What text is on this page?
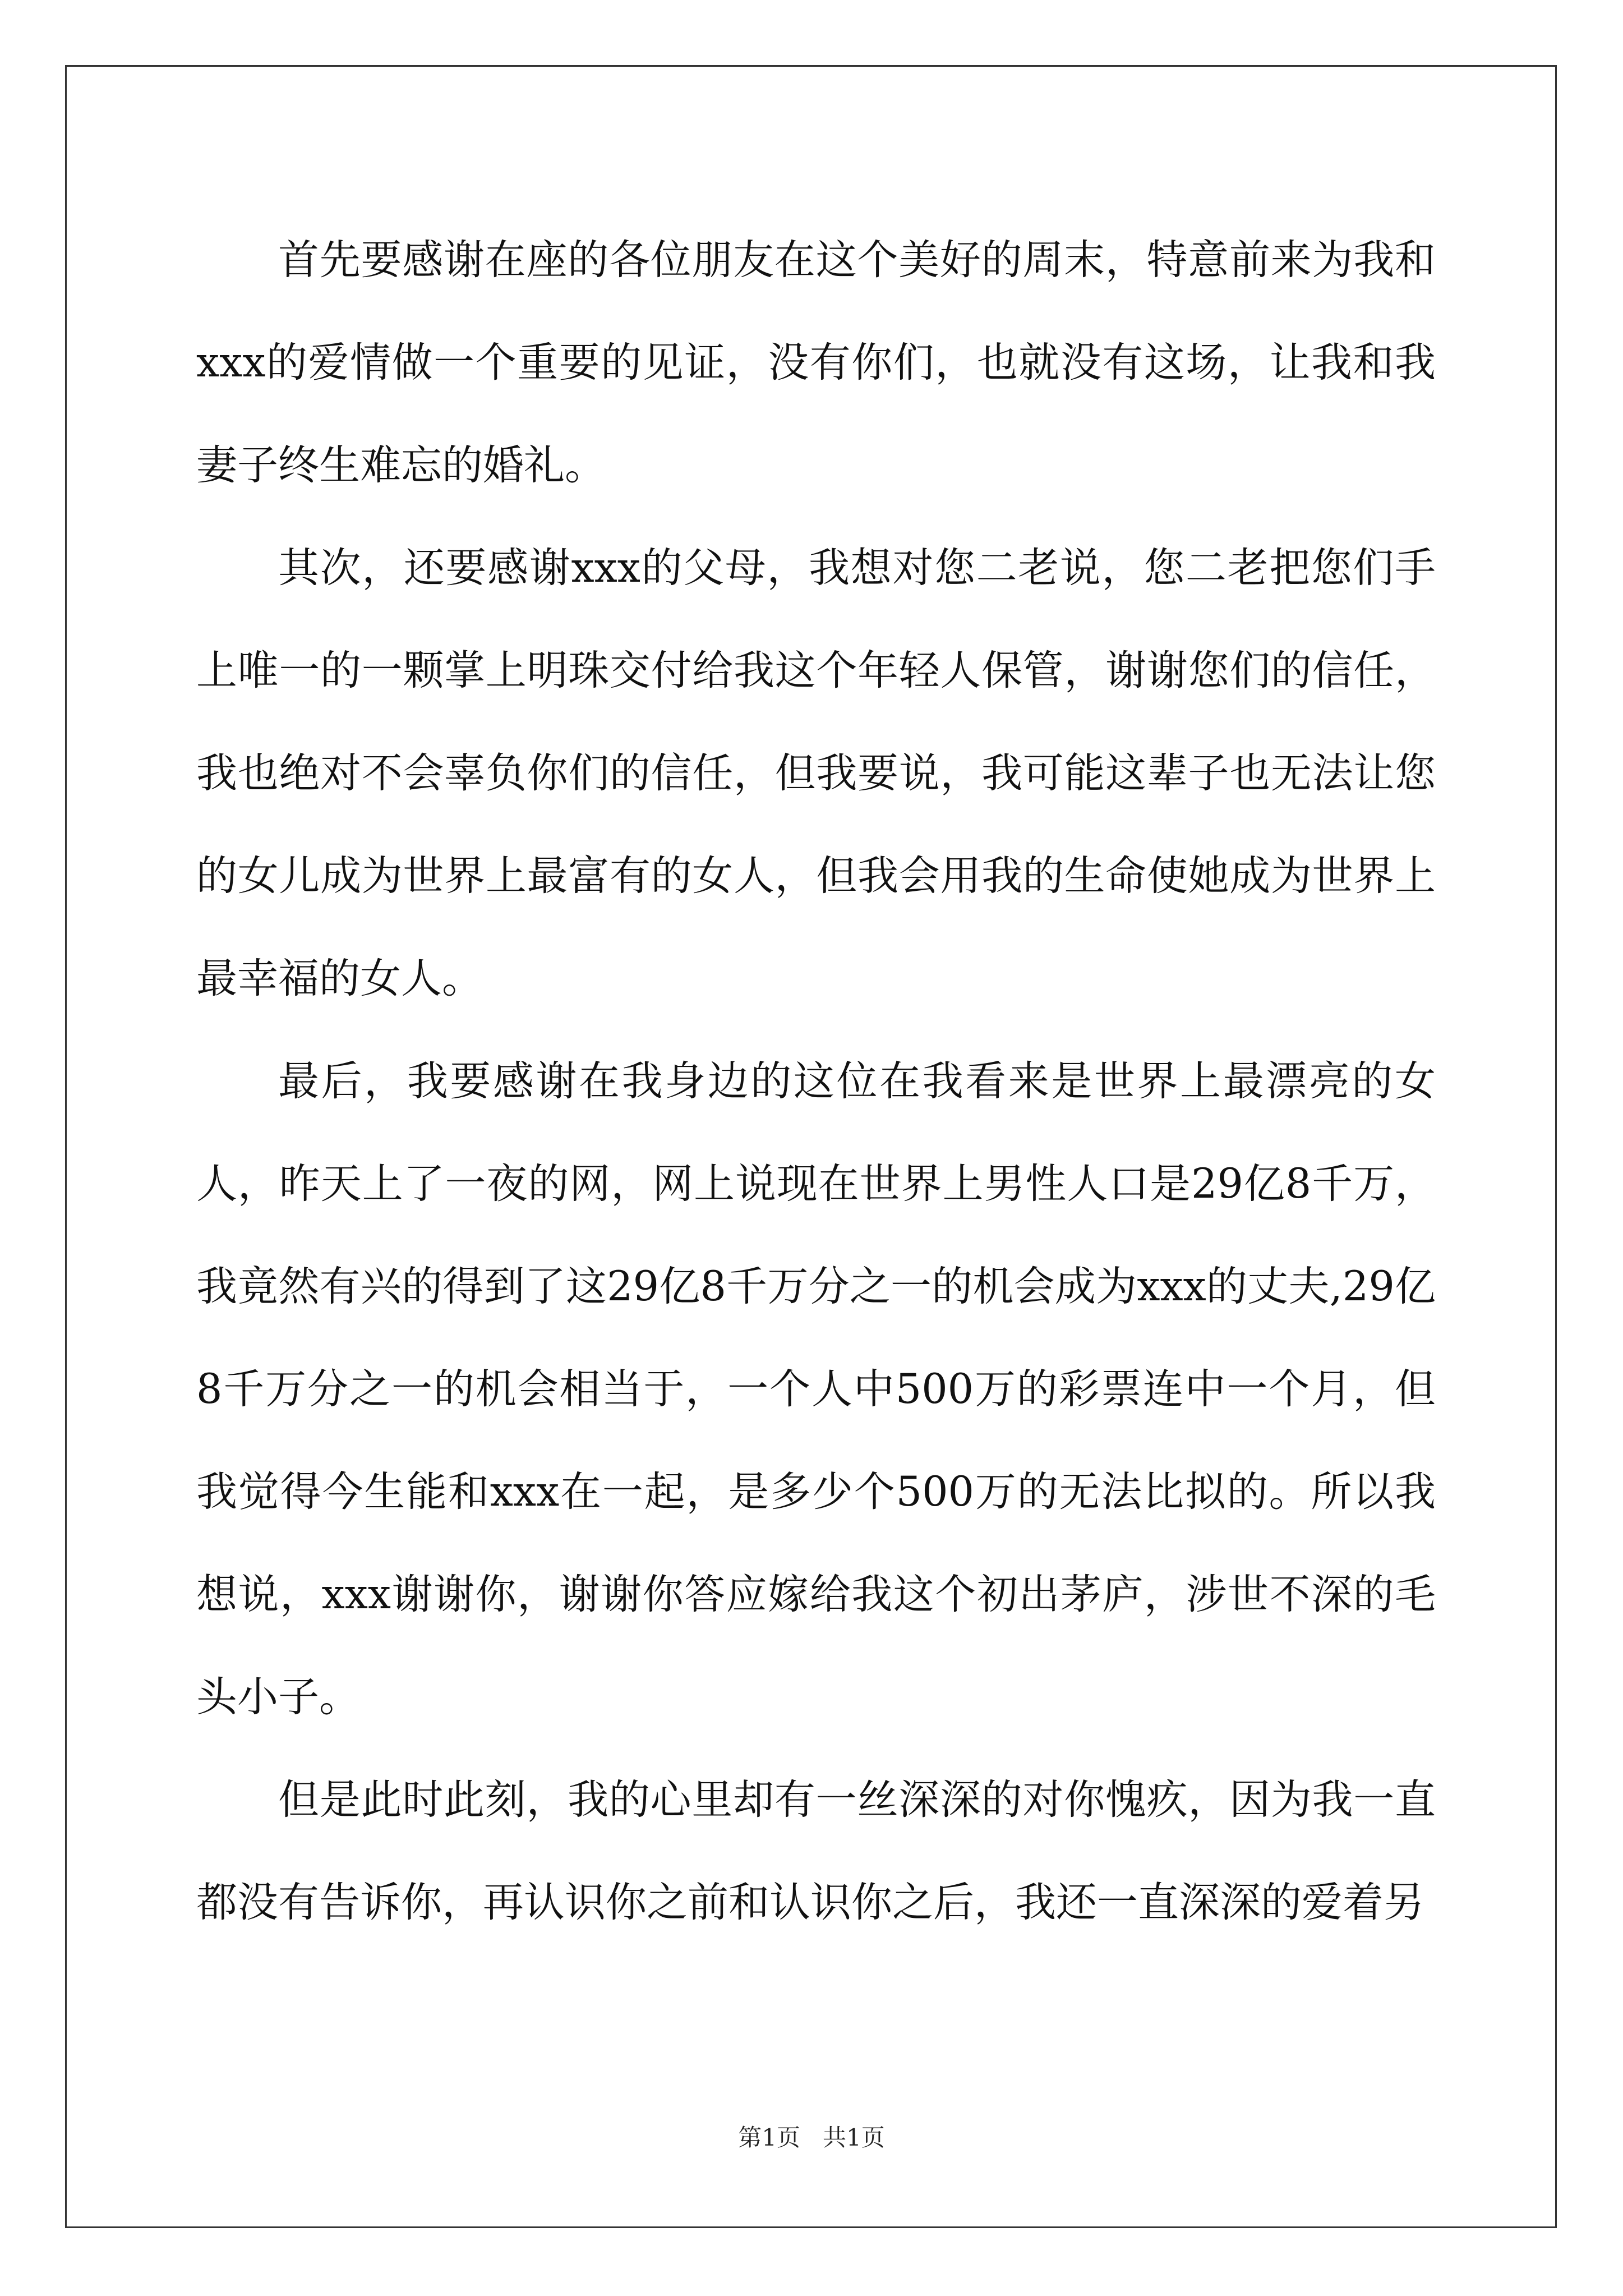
首先要感谢在座的各位朋友在这个美好的周末，特意前来为我和xxx的爱情做一个重要的见证，没有你们，也就没有这场，让我和我妻子终生难忘的婚礼。

其次，还要感谢xxx的父母，我想对您二老说，您二老把您们手上唯一的一颗掌上明珠交付给我这个年轻人保管，谢谢您们的信任，我也绝对不会辜负你们的信任，但我要说，我可能这辈子也无法让您的女儿成为世界上最富有的女人，但我会用我的生命使她成为世界上最幸福的女人。

最后，我要感谢在我身边的这位在我看来是世界上最漂亮的女人，昨天上了一夜的网，网上说现在世界上男性人口是29亿8千万，我竟然有兴的得到了这29亿8千万分之一的机会成为xxx的丈夫,29亿8千万分之一的机会相当于，一个人中500万的彩票连中一个月，但我觉得今生能和xxx在一起，是多少个500万的无法比拟的。所以我想说，xxx谢谢你，谢谢你答应嫁给我这个初出茅庐，涉世不深的毛头小子。

但是此时此刻，我的心里却有一丝深深的对你愧疚，因为我一直都没有告诉你，再认识你之前和认识你之后，我还一直深深的爱着另

第1页   共1页
